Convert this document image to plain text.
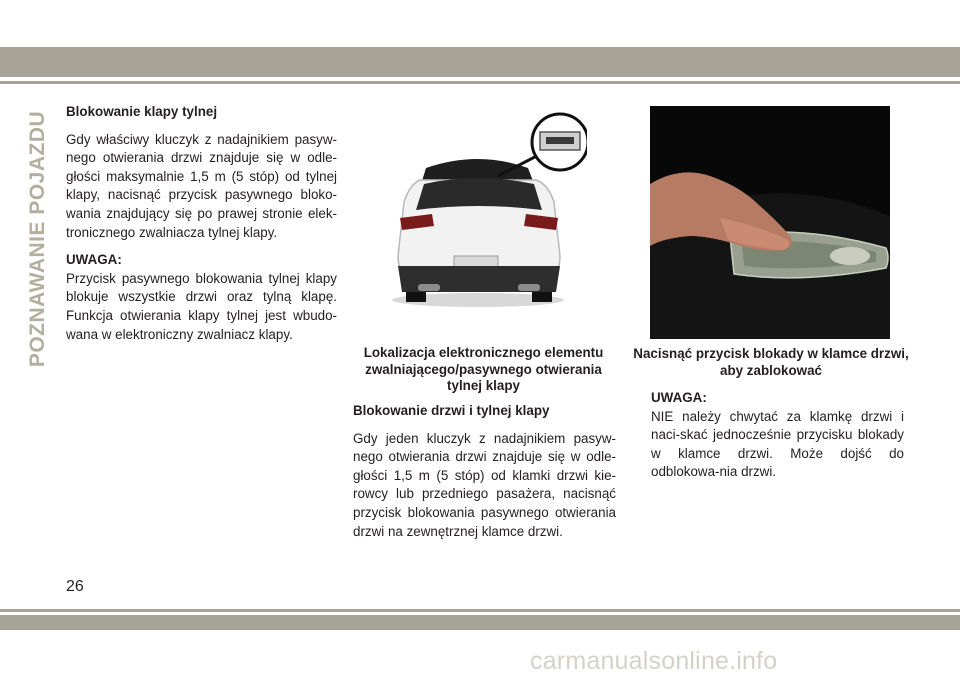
POZNAWANIE POJAZDU Blokowanie klapy tylnej

Gdy właściwy kluczyk z nadajnikiem pasyw-nego otwierania drzwi znajduje się w odle-głości maksymalnie 1,5 m (5 stóp) od tylnej klapy, nacisnąć przycisk pasywnego bloko-wania znajdujący się po prawej stronie elek-tronicznego zwalniacza tylnej klapy.

UWAGA:

Przycisk pasywnego blokowania tylnej klapy blokuje wszystkie drzwi oraz tylną klapę. Funkcja otwierania klapy tylnej jest wbudo-wana w elektroniczny zwalniacz klapy.

Lokalizacja elektronicznego elementu zwalniającego/pasywnego otwierania tylnej klapy

Blokowanie drzwi i tylnej klapy

Gdy jeden kluczyk z nadajnikiem pasyw-nego otwierania drzwi znajduje się w odle-głości 1,5 m (5 stóp) od klamki drzwi kie-rowcy lub przedniego pasażera, nacisnąć przycisk blokowania pasywnego otwierania drzwi na zewnętrznej klamce drzwi.

Nacisnąć przycisk blokady w klamce drzwi, aby zablokować

UWAGA:

NIE należy chwytać za klamkę drzwi i naci-skać jednocześnie przycisku blokady w klamce drzwi. Może dojść do odblokowa-nia drzwi.

26
carmanualsonline.info
